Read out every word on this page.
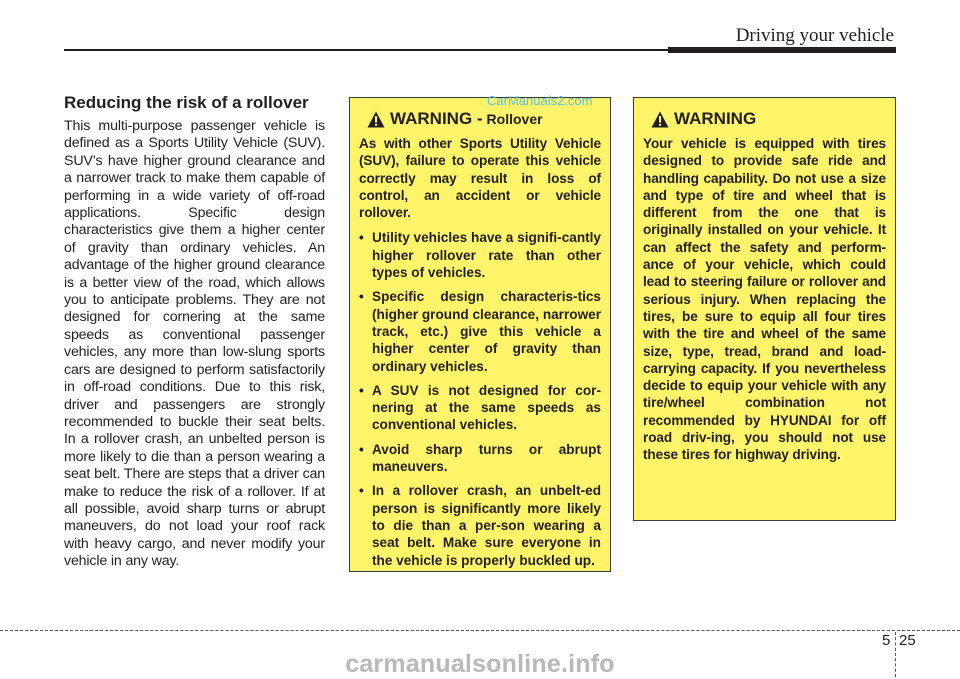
Driving your vehicle
Reducing the risk of a rollover

This multi-purpose passenger vehicle is defined as a Sports Utility Vehicle (SUV). SUV’s have higher ground clearance and a narrower track to make them capable of performing in a wide variety of off-road applications. Specific design characteristics give them a higher center of gravity than ordinary vehicles. An advantage of the higher ground clearance is a better view of the road, which allows you to anticipate problems. They are not designed for cornering at the same speeds as conventional passenger vehicles, any more than low-slung sports cars are designed to perform satisfactorily in off-road conditions. Due to this risk, driver and passengers are strongly recommended to buckle their seat belts. In a rollover crash, an unbelted person is more likely to die than a person wearing a seat belt. There are steps that a driver can make to reduce the risk of a rollover. If at all possible, avoid sharp turns or abrupt maneuvers, do not load your roof rack with heavy cargo, and never modify your vehicle in any way.

WARNING - Rollover

As with other Sports Utility Vehicle (SUV), failure to operate this vehicle correctly may result in loss of control, an accident or vehicle rollover.

• Utility vehicles have a signifi-cantly higher rollover rate than other types of vehicles.
• Specific design characteris-tics (higher ground clearance, narrower track, etc.) give this vehicle a higher center of gravity than ordinary vehicles.
• A SUV is not designed for cor-nering at the same speeds as conventional vehicles.
• Avoid sharp turns or abrupt maneuvers.
• In a rollover crash, an unbelt-ed person is significantly more likely to die than a per-son wearing a seat belt. Make sure everyone in the vehicle is properly buckled up.
WARNING

Your vehicle is equipped with tires designed to provide safe ride and handling capability. Do not use a size and type of tire and wheel that is different from the one that is originally installed on your vehicle. It can affect the safety and perform-ance of your vehicle, which could lead to steering failure or rollover and serious injury. When replacing the tires, be sure to equip all four tires with the tire and wheel of the same size, type, tread, brand and load-carrying capacity. If you nevertheless decide to equip your vehicle with any tire/wheel combination not recommended by HYUNDAI for off road driv-ing, you should not use these tires for highway driving.

CarManuals2.com
5 25
carmanualsonline.info
